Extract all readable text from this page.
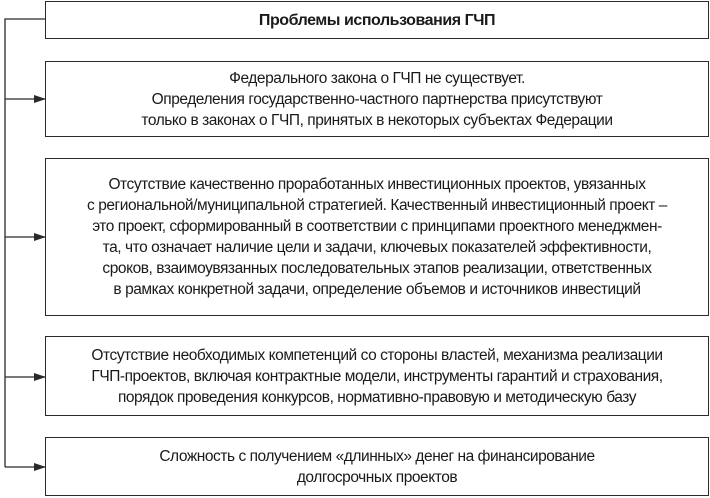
Проблемы использования ГЧП
Федерального закона о ГЧП не существует.
Определения государственно-частного партнерства присутствуют
только в законах о ГЧП, принятых в некоторых субъектах Федерации
Отсутствие качественно проработанных инвестиционных проектов, увязанных
с региональной/муниципальной стратегией. Качественный инвестиционный проект –
это проект, сформированный в соответствии с принципами проектного менеджмен-
та, что означает наличие цели и задачи, ключевых показателей эффективности,
сроков, взаимоувязанных последовательных этапов реализации, ответственных
в рамках конкретной задачи, определение объемов и источников инвестиций
Отсутствие необходимых компетенций со стороны властей, механизма реализации
ГЧП-проектов, включая контрактные модели, инструменты гарантий и страхования,
порядок проведения конкурсов, нормативно-правовую и методическую базу
Сложность с получением «длинных» денег на финансирование
долгосрочных проектов
